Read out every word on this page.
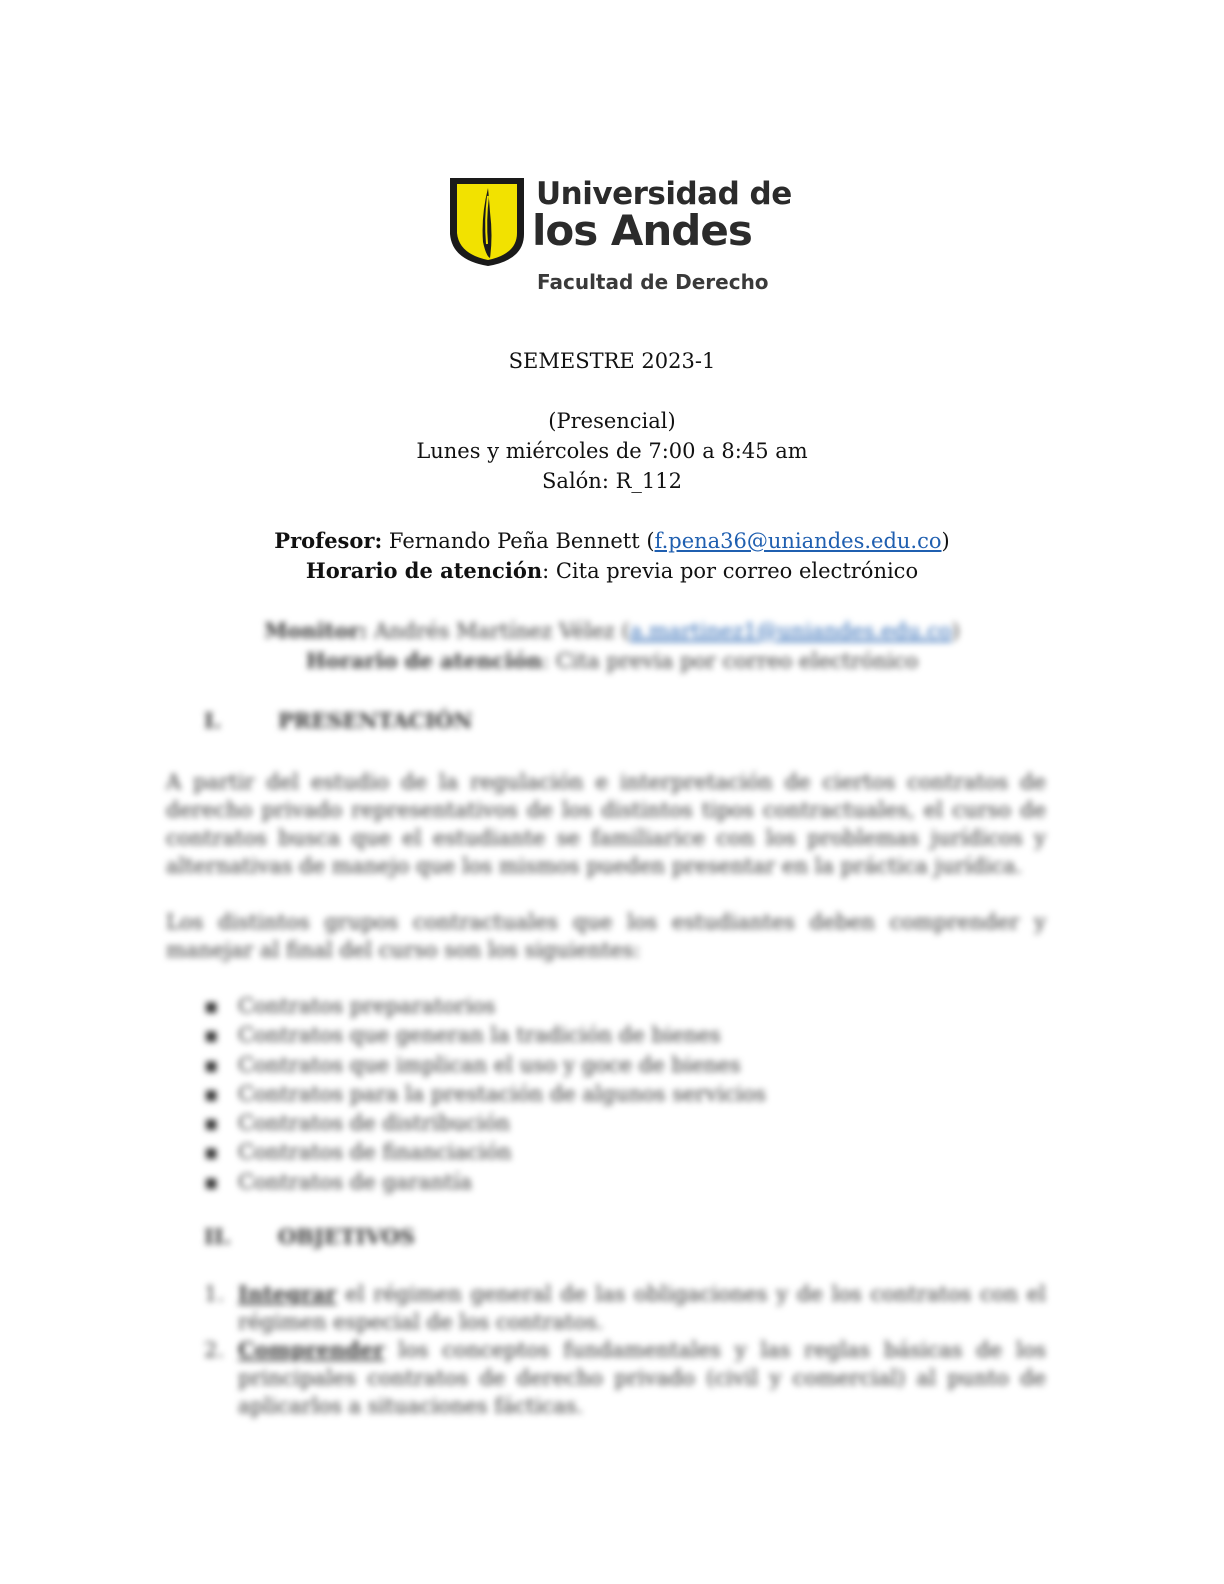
Universidad de
los Andes
Facultad de Derecho
SEMESTRE 2023-1
(Presencial)
Lunes y miércoles de 7:00 a 8:45 am
Salón: R_112
Profesor: Fernando Peña Bennett (f.pena36@uniandes.edu.co)
Horario de atención: Cita previa por correo electrónico
Monitor: Andrés Martínez Vélez (a.martinez1@uniandes.edu.co)
Horario de atención: Cita previa por correo electrónico
I.	PRESENTACIÓN
A partir del estudio de la regulación e interpretación de ciertos contratos de derecho privado representativos de los distintos tipos contractuales, el curso de contratos busca que el estudiante se familiarice con los problemas jurídicos y alternativas de manejo que los mismos pueden presentar en la práctica jurídica.
Los distintos grupos contractuales que los estudiantes deben comprender y manejar al final del curso son los siguientes:
▪ Contratos preparatorios
▪ Contratos que generan la tradición de bienes
▪ Contratos que implican el uso y goce de bienes
▪ Contratos para la prestación de algunos servicios
▪ Contratos de distribución
▪ Contratos de financiación
▪ Contratos de garantía
II. OBJETIVOS
1. Integrar el régimen general de las obligaciones y de los contratos con el régimen especial de los contratos.
2. Comprender los conceptos fundamentales y las reglas básicas de los principales contratos de derecho privado (civil y comercial) al punto de aplicarlos a situaciones fácticas.
